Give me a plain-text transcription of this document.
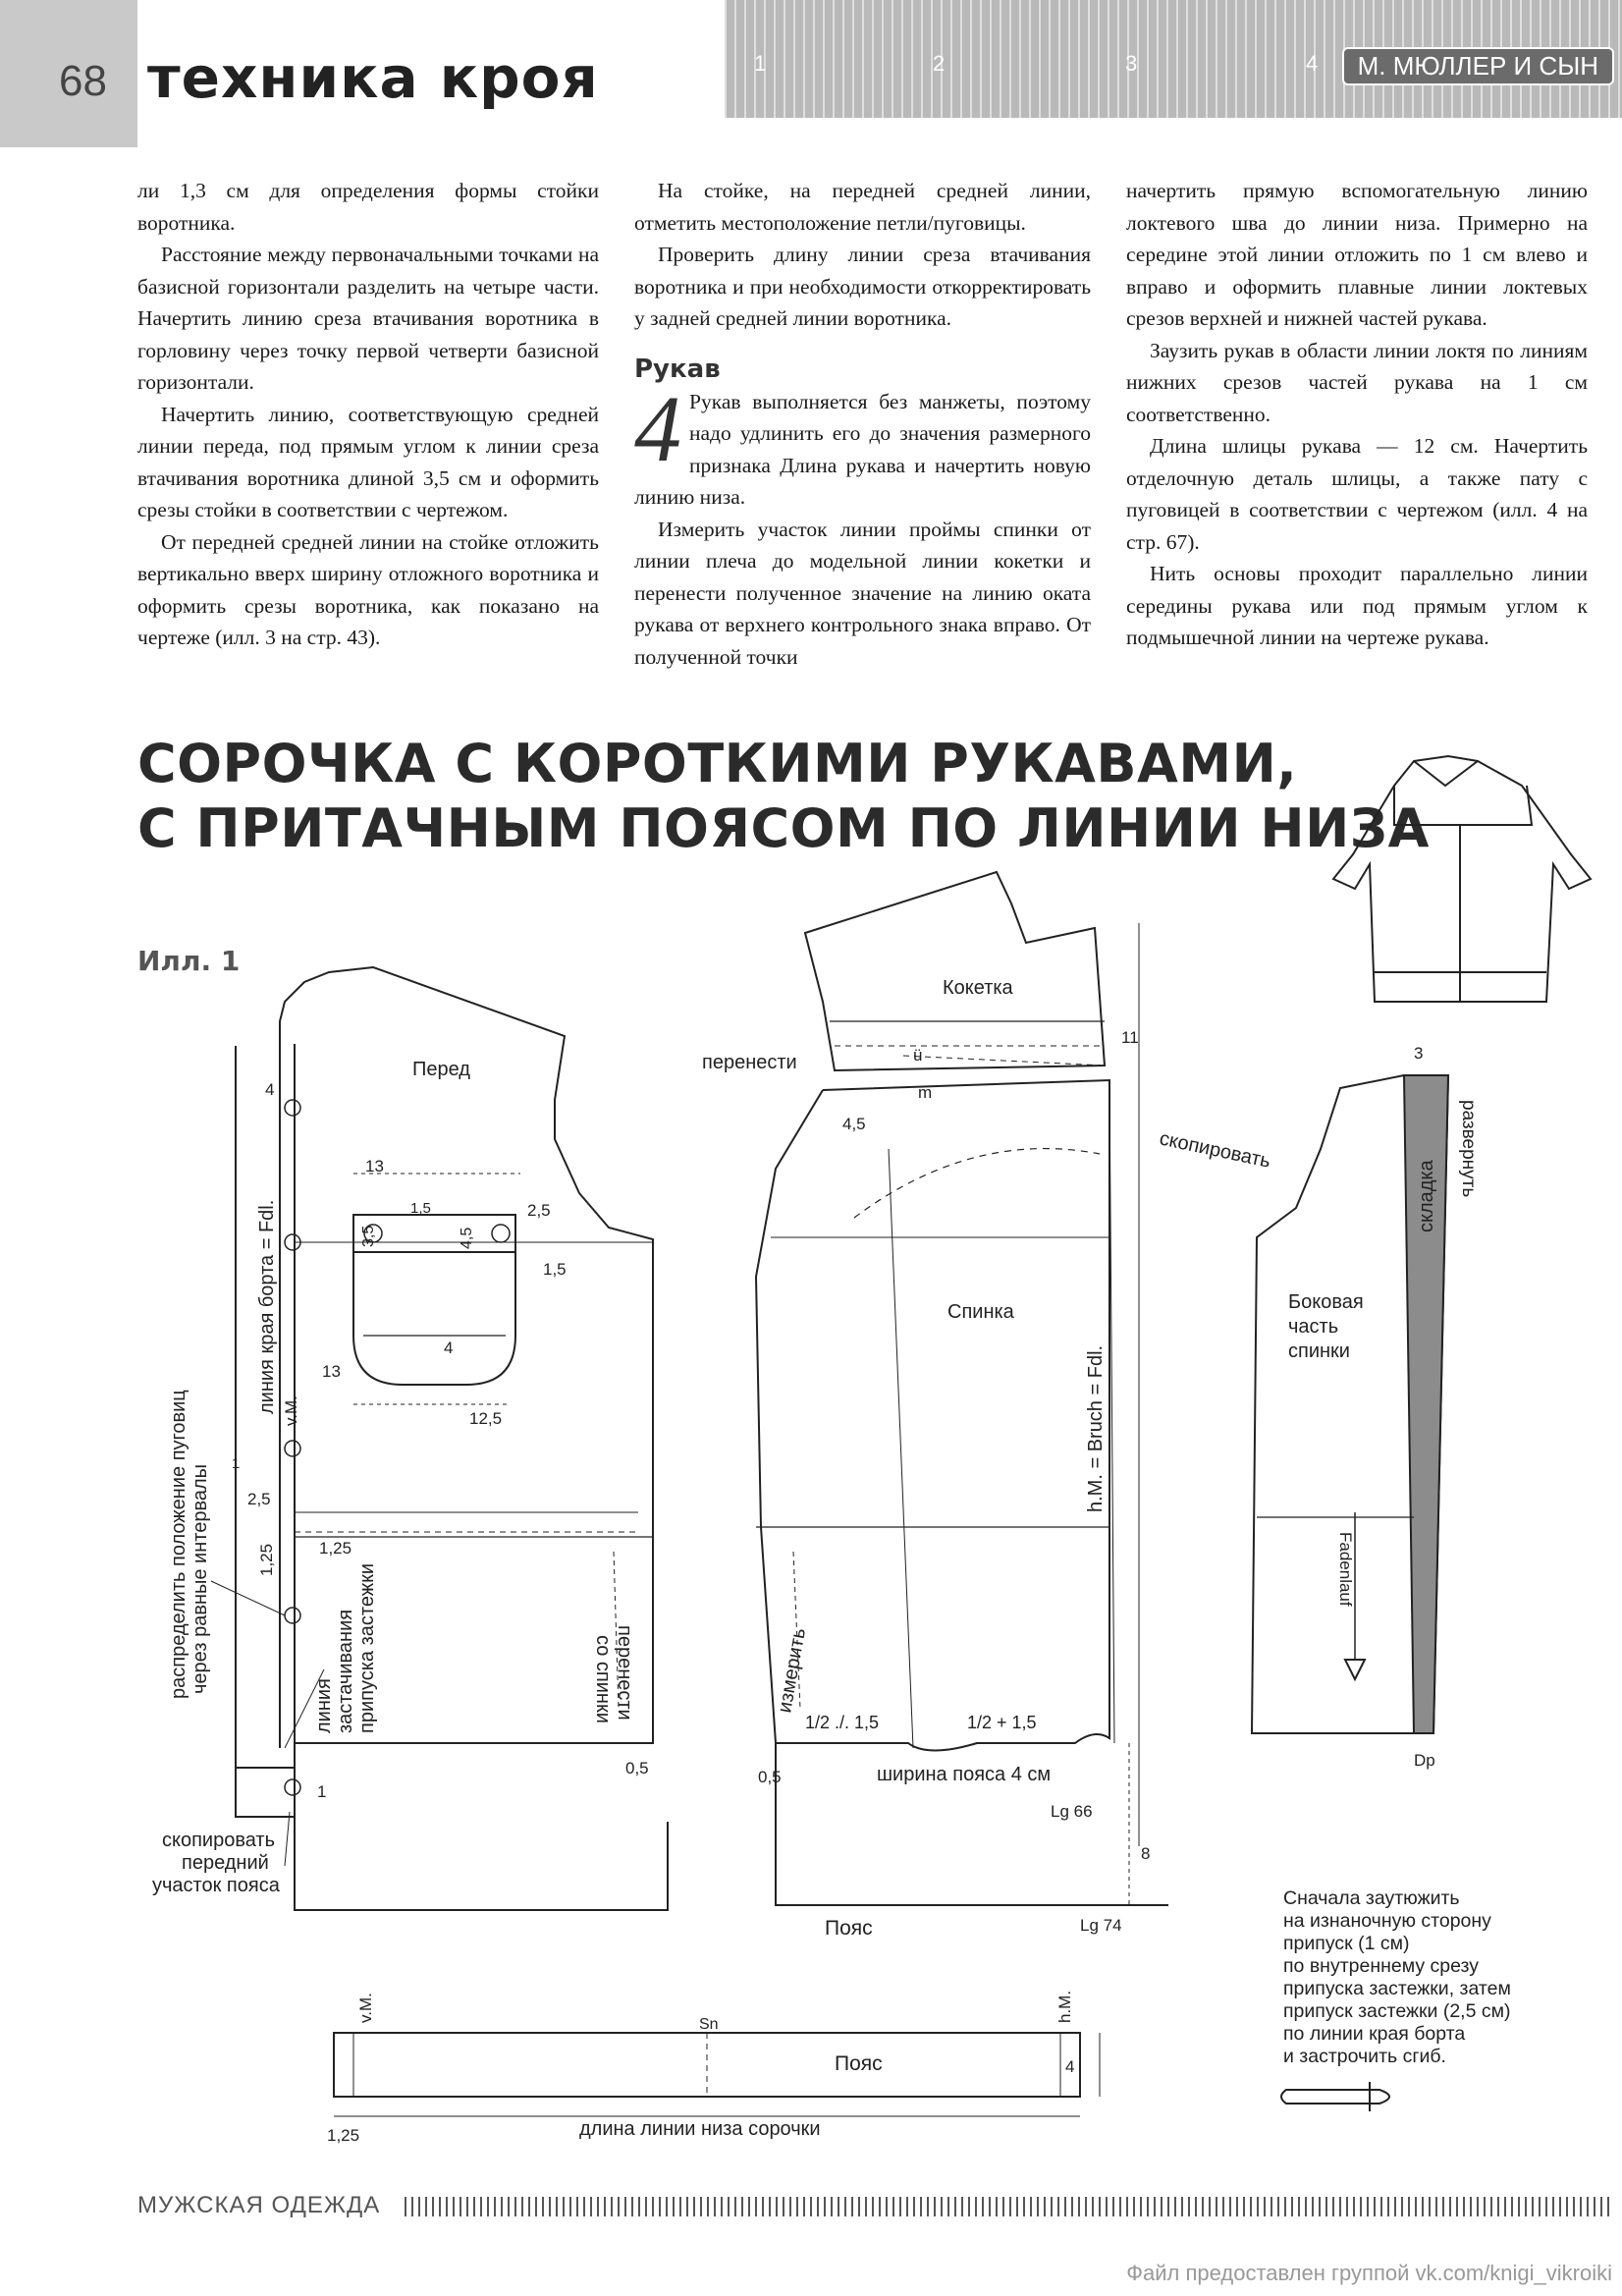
68 техника кроя	1	2	3	4	М. МЮЛЛЕР И СЫН

ли 1,3 см для определения формы стойки воротника.

Расстояние между первоначальными точками на базисной горизонтали разделить на четыре части. Начертить линию среза втачивания воротника в горловину через точку первой четверти базисной горизонтали.

Начертить линию, соответствующую средней линии переда, под прямым углом к линии среза втачивания воротника длиной 3,5 см и оформить срезы стойки в соответствии с чертежом.

От передней средней линии на стойке отложить вертикально вверх ширину отложного воротника и оформить срезы воротника, как показано на чертеже (илл. 3 на стр. 43).

На стойке, на передней средней линии, отметить местоположение петли/пуговицы.

Проверить длину линии среза втачивания воротника и при необходимости откорректировать у задней средней линии воротника.

Рукав

4 Рукав выполняется без манжеты, поэтому надо удлинить его до значения размерного признака Длина рукава и начертить новую линию низа.

Измерить участок линии проймы спинки от линии плеча до модельной линии кокетки и перенести полученное значение на линию оката рукава от верхнего контрольного знака вправо. От полученной точки

начертить прямую вспомогательную линию локтевого шва до линии низа. Примерно на середине этой линии отложить по 1 см влево и вправо и оформить плавные линии локтевых срезов верхней и нижней частей рукава.

Заузить рукав в области линии локтя по линиям нижних срезов частей рукава на 1 см соответственно.

Длина шлицы рукава — 12 см. Начертить отделочную деталь шлицы, а также пату с пуговицей в соответствии с чертежом (илл. 4 на стр. 67).

Нить основы проходит параллельно линии середины рукава или под прямым углом к подмышечной линии на чертеже рукава.

СОРОЧКА С КОРОТКИМИ РУКАВАМИ,
С ПРИТАЧНЫМ ПОЯСОМ ПО ЛИНИИ НИЗА
Илл. 1
Перед
Кокетка
Спинка	Боковая
часть
спинки
перенести	ü
m
скопировать
Пояс
Пояс
ширина пояса 4 см
длина линии низа сорочки
1/2 ./. 1,5	1/2 + 1,5
Lg 66
Lg 74
Dp
Sn
скопировать
передний
участок пояса
13
13
12,5
1,5	2,5
1,5
4
4
4
2,5
1,25
1,25
1
0,5	0,5
4,5
11
8
3
1
3,5	4,5
1,25
линия края борта = Fdl. v.M.
v.M.	h.M.
h.M. = Bruch = Fdl.
распределить положение пуговиц через равные интервалы
линия застачивания припуска застежки	перенести
со спинки	измерить
складка развернуть
Fadenlauf
Сначала заутюжить
на изнаночную сторону
припуск (1 см)
по внутреннему срезу
припуска застежки, затем
припуск застежки (2,5 см)
по линии края борта
и застрочить сгиб.
МУЖСКАЯ ОДЕЖДА
Файл предоставлен группой vk.com/knigi_vikroiki
